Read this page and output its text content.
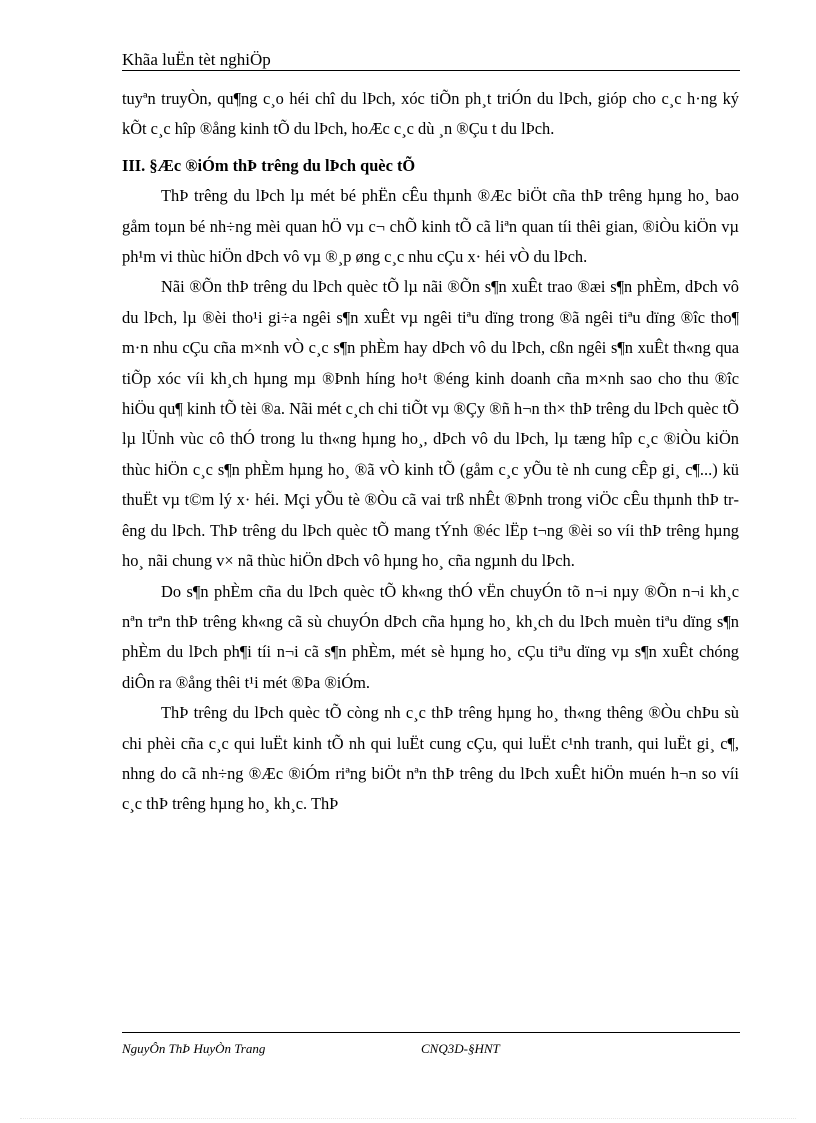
Khãa luËn tèt nghiÖp

tuyªn truyÒn, qu¶ng c¸o héi chî du lÞch, xóc tiÕn ph¸t triÓn du lÞch, gióp cho c¸c h·ng ký kÕt c¸c hîp ®ång kinh tÕ du lÞch, hoÆc c¸c dù ¸n ®Çu t du lÞch.

III. §Æc ®iÓm thÞ trêng du lÞch quèc tÕ

ThÞ trêng du lÞch lµ mét bé phËn cÊu thµnh ®Æc biÖt cña thÞ trêng hµng ho¸ bao gåm toµn bé nh÷ng mèi quan hÖ vµ c¬ chÕ kinh tÕ cã liªn quan tíi thêi gian, ®iÒu kiÖn vµ ph¹m vi thùc hiÖn dÞch vô vµ ®¸p øng c¸c nhu cÇu x· héi vÒ du lÞch.

Nãi ®Õn thÞ trêng du lÞch quèc tÕ lµ nãi ®Õn s¶n xuÊt trao ®æi s¶n phÈm, dÞch vô du lÞch, lµ ®èi tho¹i gi÷a ngêi s¶n xuÊt vµ ngêi tiªu dïng trong ®ã ngêi tiªu dïng ®îc tho¶ m·n nhu cÇu cña m×nh vÒ c¸c s¶n phÈm hay dÞch vô du lÞch, cßn ngêi s¶n xuÊt th«ng qua tiÕp xóc víi kh¸ch hµng mµ ®Þnh híng ho¹t ®éng kinh doanh cña m×nh sao cho thu ®îc hiÖu qu¶ kinh tÕ tèi ®a. Nãi mét c¸ch chi tiÕt vµ ®Çy ®ñ h¬n th× thÞ trêng du lÞch quèc tÕ lµ lÜnh vùc cô thÓ trong lu th«ng hµng ho¸, dÞch vô du lÞch, lµ tæng hîp c¸c ®iÒu kiÖn thùc hiÖn c¸c s¶n phÈm hµng ho¸ ®ã vÒ kinh tÕ (gåm c¸c yÕu tè nh cung cÊp gi¸ c¶...) kü thuËt vµ t©m lý x· héi. Mçi yÕu tè ®Òu cã vai trß nhÊt ®Þnh trong viÖc cÊu thµnh thÞ trêng du lÞch. ThÞ trêng du lÞch quèc tÕ mang tÝnh ®éc lËp t¬ng ®èi so víi thÞ trêng hµng ho¸ nãi chung v× nã thùc hiÖn dÞch vô hµng ho¸ cña ngµnh du lÞch.

Do s¶n phÈm cña du lÞch quèc tÕ kh«ng thÓ vËn chuyÓn tõ n¬i nµy ®Õn n¬i kh¸c nªn trªn thÞ trêng kh«ng cã sù chuyÓn dÞch cña hµng ho¸ kh¸ch du lÞch muèn tiªu dïng s¶n phÈm du lÞch ph¶i tíi n¬i cã s¶n phÈm, mét sè hµng ho¸ cÇu tiªu dïng vµ s¶n xuÊt chóng diÔn ra ®ång thêi t¹i mét ®Þa ®iÓm.

ThÞ trêng du lÞch quèc tÕ còng nh c¸c thÞ trêng hµng ho¸ th«ng thêng ®Òu chÞu sù chi phèi cña c¸c qui luËt kinh tÕ nh qui luËt cung cÇu, qui luËt c¹nh tranh, qui luËt gi¸ c¶, nhng do cã nh÷ng ®Æc ®iÓm riªng biÖt nªn thÞ trêng du lÞch xuÊt hiÖn muén h¬n so víi c¸c thÞ trêng hµng ho¸ kh¸c. ThÞ

NguyÔn ThÞ HuyÒn Trang	CNQ3D-§HNT
